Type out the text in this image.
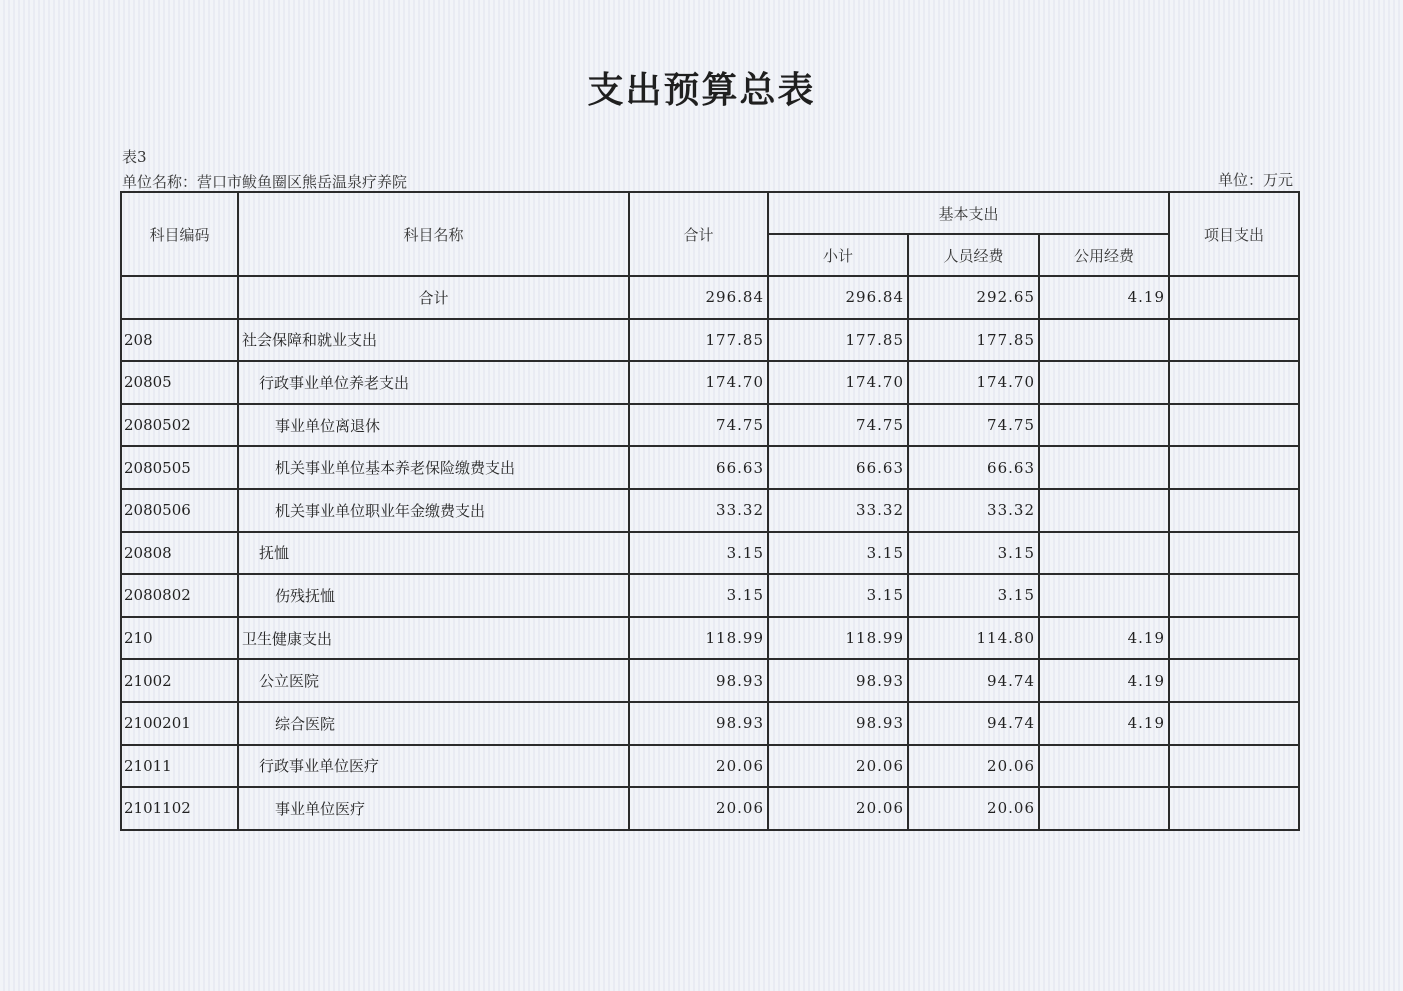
支出预算总表
表3
单位名称：营口市鲅鱼圈区熊岳温泉疗养院	单位：万元
科目编码	科目名称	合计	基本支出			项目支出
			小计	人员经费	公用经费	
	合计	296.84	296.84	292.65	4.19	
208	社会保障和就业支出	177.85	177.85	177.85		
20805	行政事业单位养老支出	174.70	174.70	174.70		
2080502	事业单位离退休	74.75	74.75	74.75		
2080505	机关事业单位基本养老保险缴费支出	66.63	66.63	66.63		
2080506	机关事业单位职业年金缴费支出	33.32	33.32	33.32		
20808	抚恤	3.15	3.15	3.15		
2080802	伤残抚恤	3.15	3.15	3.15		
210	卫生健康支出	118.99	118.99	114.80	4.19	
21002	公立医院	98.93	98.93	94.74	4.19	
2100201	综合医院	98.93	98.93	94.74	4.19	
21011	行政事业单位医疗	20.06	20.06	20.06		
2101102	事业单位医疗	20.06	20.06	20.06		
